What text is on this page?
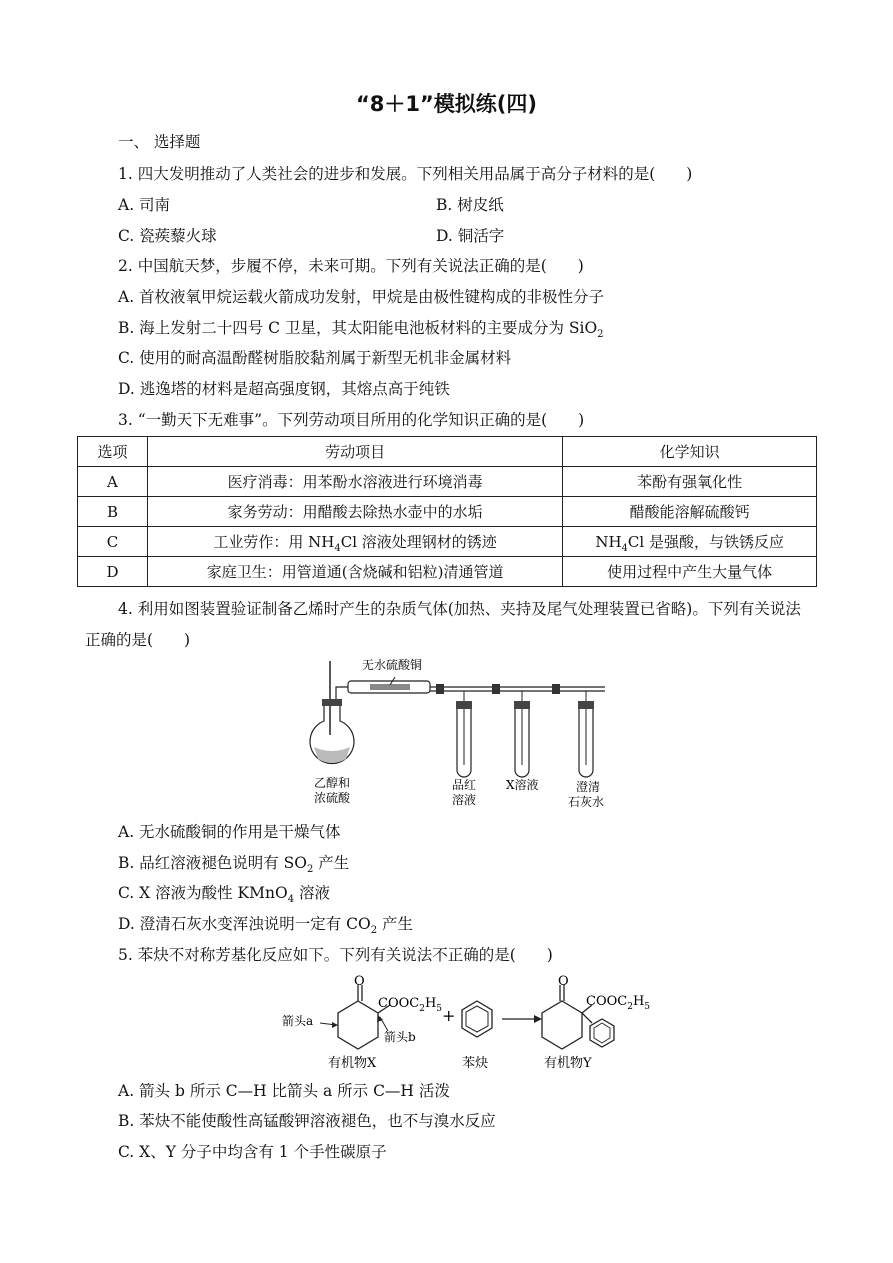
“8＋1”模拟练(四)
一、 选择题
1. 四大发明推动了人类社会的进步和发展。下列相关用品属于高分子材料的是(　　)
A. 司南	B. 树皮纸
C. 瓷蒺藜火球	D. 铜活字
2. 中国航天梦，步履不停，未来可期。下列有关说法正确的是(　　)
A. 首枚液氧甲烷运载火箭成功发射，甲烷是由极性键构成的非极性分子
B. 海上发射二十四号 C 卫星，其太阳能电池板材料的主要成分为 SiO$_2$
C. 使用的耐高温酚醛树脂胶黏剂属于新型无机非金属材料
D. 逃逸塔的材料是超高强度钢，其熔点高于纯铁
3. “一勤天下无难事”。下列劳动项目所用的化学知识正确的是(　　)
选项	劳动项目	化学知识
A	医疗消毒：用苯酚水溶液进行环境消毒	苯酚有强氧化性
B	家务劳动：用醋酸去除热水壶中的水垢	醋酸能溶解硫酸钙
C	工业劳作：用 $NH_4Cl$ 溶液处理钢材的锈迹	$NH_4Cl$ 是强酸，与铁锈反应
D	家庭卫生：用管道通(含烧碱和铝粒)清通管道	使用过程中产生大量气体
4. 利用如图装置验证制备乙烯时产生的杂质气体(加热、夹持及尾气处理装置已省略)。下列有关说法
正确的是(　　)
无水硫酸铜
乙醇和
浓硫酸
品红
溶液
X溶液	澄清
石灰水
A. 无水硫酸铜的作用是干燥气体
B. 品红溶液褪色说明有 $SO_2$ 产生
C. X 溶液为酸性 KMnO$_4$ 溶液
D. 澄清石灰水变浑浊说明一定有 $CO_2$ 产生
5. 苯炔不对称芳基化反应如下。下列有关说法不正确的是(　　)
O
$COOC_2H_5$
箭头a
箭头b
+
O
$COOC_2H_5$
有机物X	苯炔	有机物Y
A. 箭头 b 所示 C—H 比箭头 a 所示 C—H 活泼
B. 苯炔不能使酸性高锰酸钾溶液褪色，也不与溴水反应
C. X、Y 分子中均含有 1 个手性碳原子
